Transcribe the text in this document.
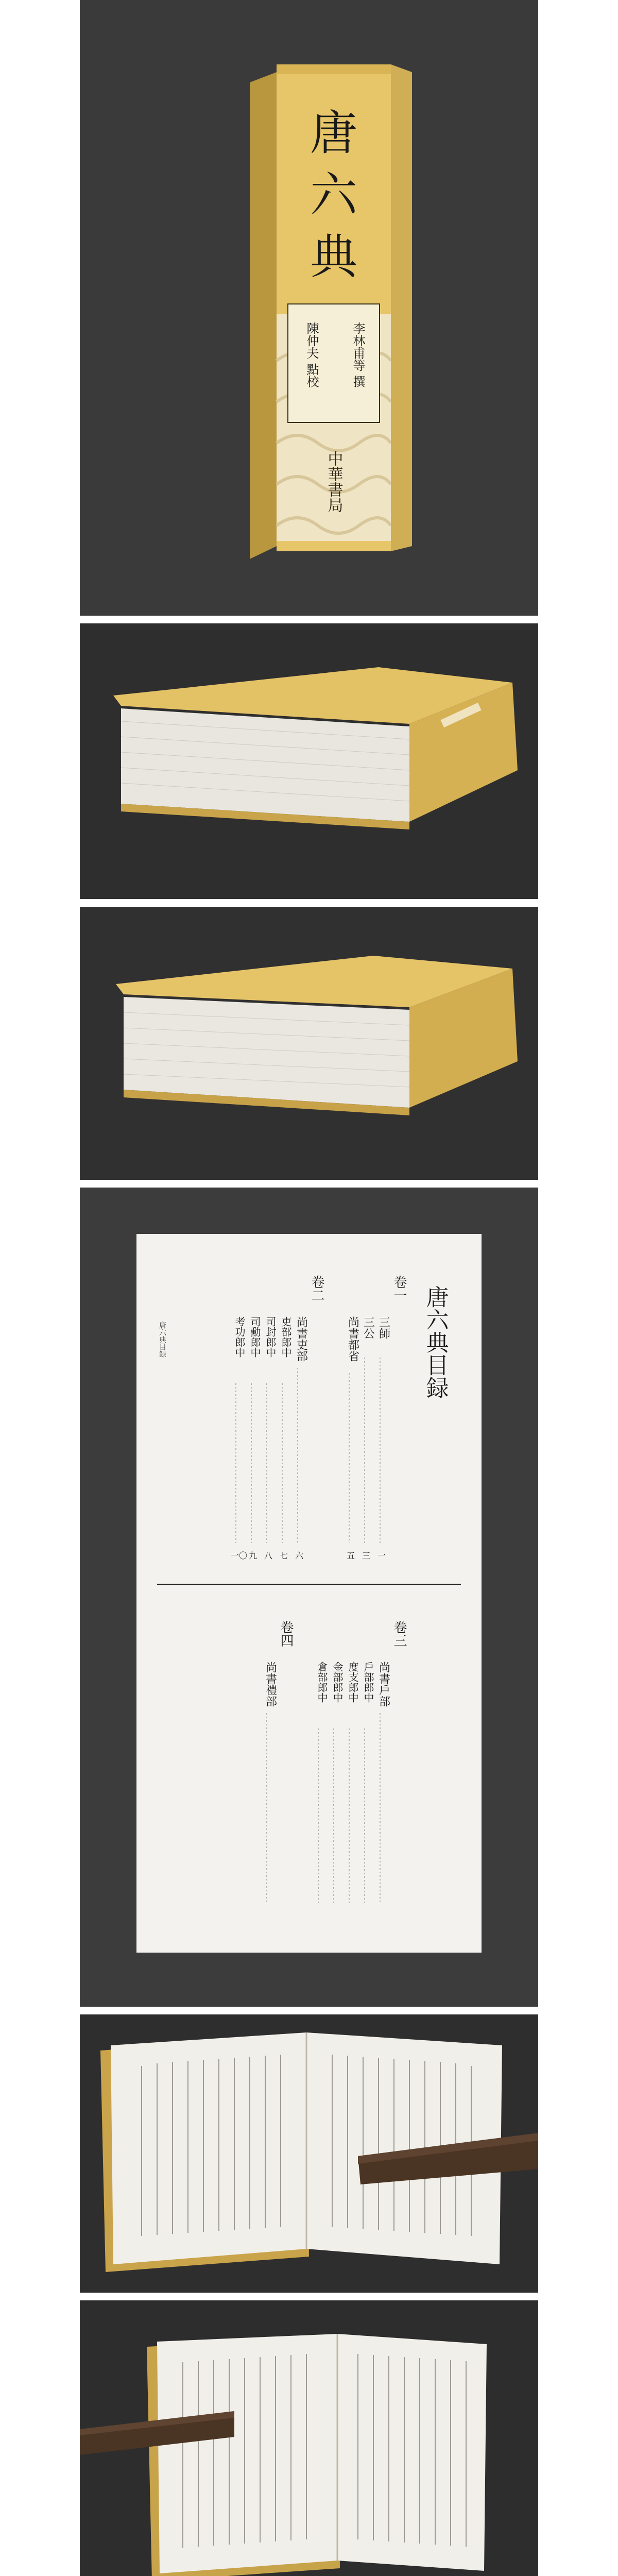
唐
六
典
李林甫等 撰
陳仲夫 點校
中華書局
唐六典目録
卷一
三師
三公
尚書都省
一
三
五
卷二
尚書吏部
吏部郎中
司封郎中
司勳郎中
考功郎中
六
七
八
九
一〇
唐六典目録
卷三
尚書戶部
戶部郎中
度支郎中
金部郎中
倉部郎中
卷四
尚書禮部
